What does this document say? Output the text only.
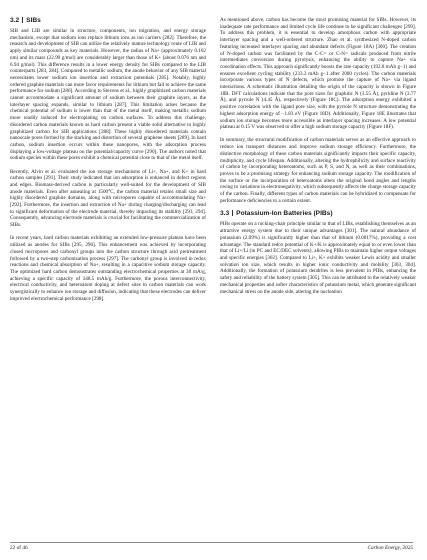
3.2 SIBs

SIB and LIB are similar in structure, components, ion migration, and energy storage mechanism, except that sodium ions replace lithium ions as ion carriers [282]. Therefore, the research and development of SIB can utilize the relatively mature technology route of LIB and apply similar compounds as key materials. However, the radius of Na+ (approximately 0.102 nm) and its mass (22.99 g/mol) are considerably larger than those of K+ (about 0.076 nm and 6.94 g/mol). This difference results in a lower energy density for SIBs compared to the LIB counterparts [283, 284]. Compared to metallic sodium, the anode behavior of any SIB material necessitates lower sodium ion insertion and extraction potentials [285]. Notably, highly ordered graphite materials can more favor requirements for lithium but fail to achieve the same performance for sodium [286]. According to Stevens et al., highly graphitized carbon materials cannot accommodate a significant amount of sodium between their graphite layers, as the interlayer spacing expands, similar to lithium [287]. This limitation arises because the chemical potential of sodium is lower than that of the metal itself, making metallic sodium more readily induced for electroplating on carbon surfaces. To address this challenge, disordered carbon materials known as hard carbon present a viable solid alternative to highly graphitized carbon for SIB applications [288]. These highly disordered materials contain nanoscale pores formed by the stacking and distortion of several graphene sheets [289]. In hard carbon, sodium insertion occurs within these nanopores, with the adsorption process displaying a low-voltage plateau on the potential/capacity curve [290]. The authors noted that sodium species within these pores exhibit a chemical potential close to that of the metal itself.

Recently, Alvin et al. evaluated the ion storage mechanisms of Li+, Na+, and K+ in hard carbon samples [291]. Their study indicated that ion adsorption is enhanced in defect regions and edges. Biomass-derived carbon is particularly well-suited for the development of SIB anode materials. Even after annealing at 1500°C, the carbon material retains small size and highly disordered graphite domains, along with micropores capable of accommodating Na+ [292]. Furthermore, the insertion and extraction of Na+ during charging/discharging can lead to significant deformation of the electrode material, thereby impacting its stability [293, 294]. Consequently, advancing electrode materials is crucial for facilitating the commercialization of SIBs.

In recent years, hard carbon materials exhibiting an extended low-pressure plateau have been utilized as anodes for SIBs [295, 296]. This enhancement was achieved by incorporating closed micropores and carbonyl groups into the carbon structure through acid pretreatment followed by a two-step carbonization process [297]. The carbonyl group is involved in redox reactions and chemical absorption of Na+, resulting in a capacitive sodium storage capacity. The optimized hard carbon demonstrates outstanding electrochemical properties at 30 mA/g, achieving a specific capacity of 348.5 mAh/g. Furthermore, the porous interconnectivity, electrical conductivity, and heteroatom doping at defect sites in carbon materials can work synergistically to enhance ion storage and diffusion, indicating that these electrodes can deliver improved electrochemical performance [298].

As mentioned above, carbon has become the most promising material for SIBs. However, its inadequate rate performance and limited cycle life continue to be significant challenges [299]. To address this problem, it is essential to develop amorphous carbon with appropriate interlayer spacing and a well-ordered structure. Zhao et al. synthesized N-doped carbon featuring increased interlayer spacing and abundant defects (Figure 18A) [300]. The creation of N-doped carbon was facilitated by the C-C= or C-N= radicals produced from nitrile intermediates conversion during pyrolysis, enhancing the ability to capture Na+ via coordination effects. This approach significantly boosts the rate capacity (192.8 mAh g−1) and ensures excellent cycling stability (233.3 mAh g−1 after 2000 cycles). The carbon materials incorporate various types of N defects, which promote the capture of Na+ via ligand interactions. A schematic illustration detailing the origin of the capacity is shown in Figure 18B. DFT calculations indicate that the pore sizes for graphitic N (3.55 Å), pyridine N (3.77 Å), and pyrrole N (4.45 Å), respectively (Figure 18C). The adsorption energy exhibited a positive correlation with the ligand pore size, with the pyrrole N structure demonstrating the highest adsorption energy of −1.83 eV (Figure 18D). Additionally, Figure 18E illustrates that sodium ion storage becomes more accessible as interlayer spacing increases. A low potential plateau at 0.15 V was observed to offer a high sodium storage capacity (Figure 18F).

In summary, the structural modification of carbon materials serves as an effective approach to reduce ion transport distances and improve sodium storage efficiency. Furthermore, the distinctive morphology of these carbon materials significantly impacts their specific capacity, multiplicity, and cycle lifespan. Additionally, altering the hydrophilicity and surface reactivity of carbon by incorporating heteroatoms, such as P, S, and N, as well as their combinations, proves to be a promising strategy for enhancing sodium storage capacity. The modification of the surface or the incorporation of heteroatoms alters the original bond angles and lengths owing to variations in electronegativity, which subsequently affects the charge storage capacity of the carbon. Finally, different types of carbon materials can be hybridized to compensate for performance deficiencies to a certain extent.

3.3 Potassium-Ion Batteries (PIBs)

PIBs operate on a rocking-chair principle similar to that of LIBs, establishing themselves as an attractive energy system due to their unique advantages [301]. The natural abundance of potassium (2.09%) is significantly higher than that of lithium (0.0017%), providing a cost advantage. The standard redox potential of K+/K is approximately equal to or even lower than that of Li+/Li (in PC and EC/DEC solvents), allowing PIBs to maintain higher output voltages and specific energies [302]. Compared to Li+, K+ exhibits weaker Lewis acidity and smaller solvation ion size, which results in higher ionic conductivity and mobility [303, 304]. Additionally, the formation of potassium dendrites is less prevalent in PIBs, enhancing the safety and reliability of the battery system [305]. This can be attributed to the relatively weaker mechanical properties and softer characteristics of potassium metal, which generate significant mechanical stress on the anode side, altering the nucleation

22 of 46	Carbon Energy, 2025
